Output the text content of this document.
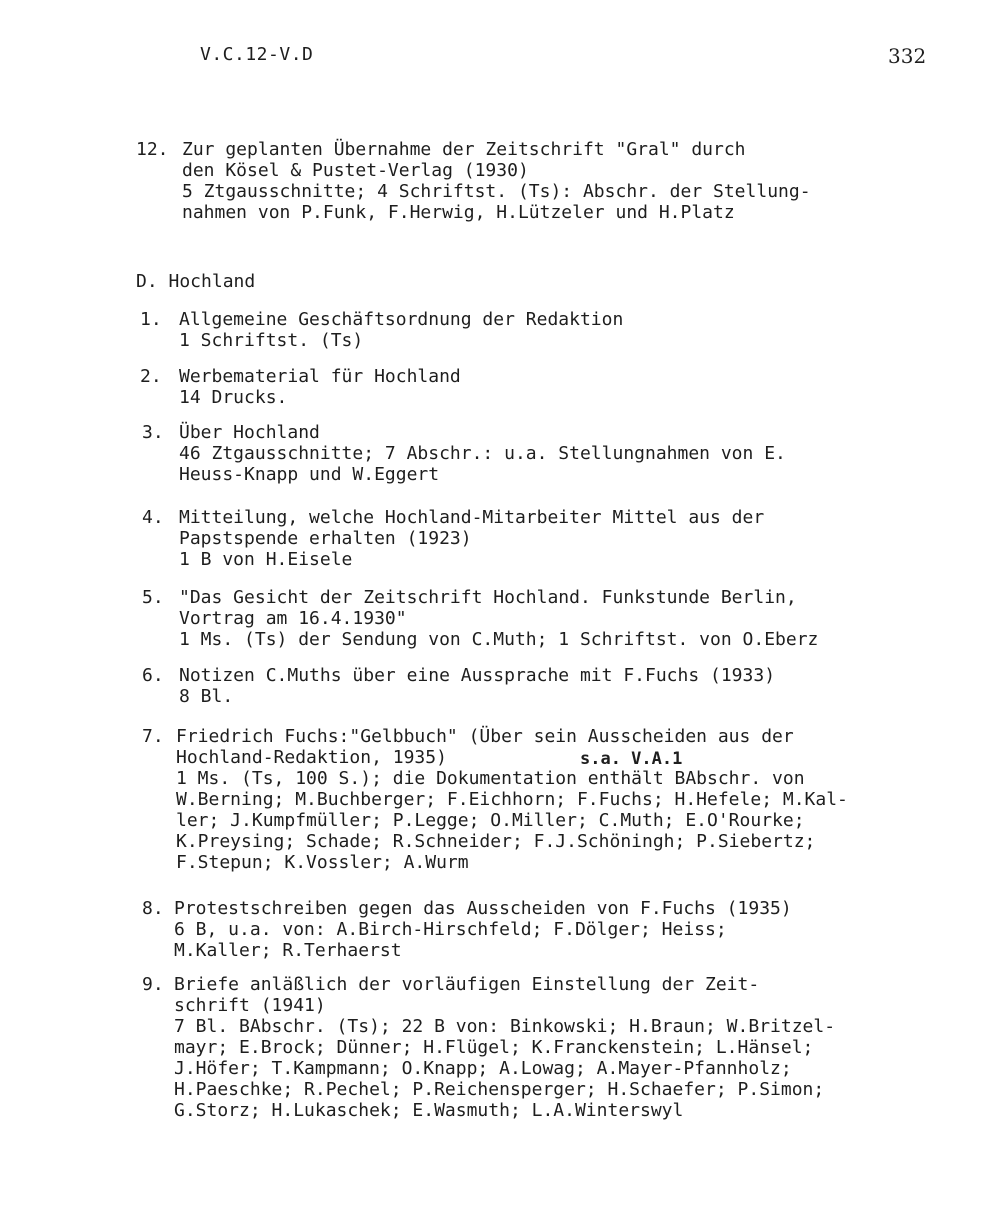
V.C.12-V.D	332
12. Zur geplanten Übernahme der Zeitschrift "Gral" durch
den Kösel & Pustet-Verlag (1930)
5 Ztgausschnitte; 4 Schriftst. (Ts): Abschr. der Stellung-
nahmen von P.Funk, F.Herwig, H.Lützeler und H.Platz
D. Hochland
1. Allgemeine Geschäftsordnung der Redaktion
1 Schriftst. (Ts)
2. Werbematerial für Hochland
14 Drucks.
3. Über Hochland
46 Ztgausschnitte; 7 Abschr.: u.a. Stellungnahmen von E.
Heuss-Knapp und W.Eggert
4. Mitteilung, welche Hochland-Mitarbeiter Mittel aus der
Papstspende erhalten (1923)
1 B von H.Eisele
5. "Das Gesicht der Zeitschrift Hochland. Funkstunde Berlin,
Vortrag am 16.4.1930"
1 Ms. (Ts) der Sendung von C.Muth; 1 Schriftst. von O.Eberz
6. Notizen C.Muths über eine Aussprache mit F.Fuchs (1933)
8 Bl.
7. Friedrich Fuchs:"Gelbbuch" (Über sein Ausscheiden aus der
Hochland-Redaktion, 1935)	s.a. V.A.1
1 Ms. (Ts, 100 S.); die Dokumentation enthält BAbschr. von
W.Berning; M.Buchberger; F.Eichhorn; F.Fuchs; H.Hefele; M.Kal-
ler; J.Kumpfmüller; P.Legge; O.Miller; C.Muth; E.O'Rourke;
K.Preysing; Schade; R.Schneider; F.J.Schöningh; P.Siebertz;
F.Stepun; K.Vossler; A.Wurm
8. Protestschreiben gegen das Ausscheiden von F.Fuchs (1935)
6 B, u.a. von: A.Birch-Hirschfeld; F.Dölger; Heiss;
M.Kaller; R.Terhaerst
9. Briefe anläßlich der vorläufigen Einstellung der Zeit-
schrift (1941)
7 Bl. BAbschr. (Ts); 22 B von: Binkowski; H.Braun; W.Britzel-
mayr; E.Brock; Dünner; H.Flügel; K.Franckenstein; L.Hänsel;
J.Höfer; T.Kampmann; O.Knapp; A.Lowag; A.Mayer-Pfannholz;
H.Paeschke; R.Pechel; P.Reichensperger; H.Schaefer; P.Simon;
G.Storz; H.Lukaschek; E.Wasmuth; L.A.Winterswyl
